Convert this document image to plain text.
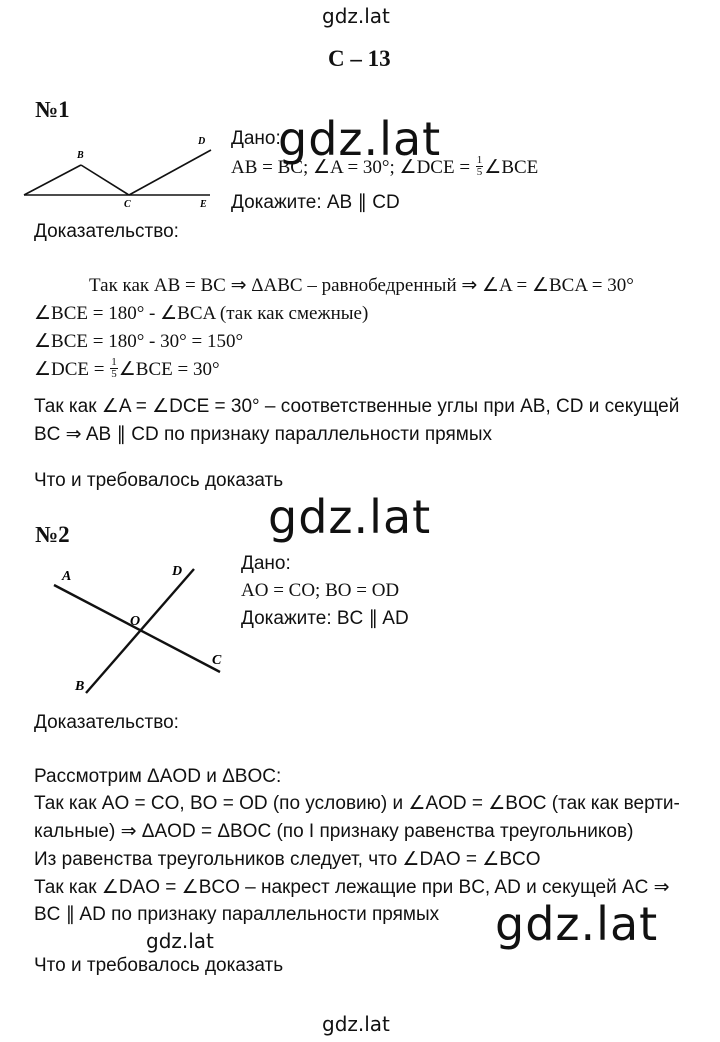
gdz.lat
gdz.lat
gdz.lat
gdz.lat
gdz.lat
gdz.lat
С – 13
№1
B
C
D
E
Дано:
AB = BC; ∠A = 30°; ∠DCE = $\frac{1}{5}$ ∠BCE
Докажите: AB ∥ CD
Доказательство:
Так как AB = BC ⇒ ΔABC – равнобедренный ⇒ ∠A = ∠BCA = 30°
∠BCE = 180° - ∠BCA (так как смежные)
∠BCE = 180° - 30° = 150°
∠DCE = $\frac{1}{5}$ ∠BCE = 30°
Так как ∠A = ∠DCE = 30° – соответственные углы при AB, CD и секущей
BC ⇒ AB ∥ CD по признаку параллельности прямых
Что и требовалось доказать
№2
A	D
O
C
B
Дано:
AO = CO; BO = OD
Докажите: BC ∥ AD
Доказательство:
Рассмотрим ΔAOD и ΔBOC:
Так как AO = CO, BO = OD (по условию) и ∠AOD = ∠BOC (так как верти-
кальные) ⇒ ΔAOD = ΔBOC (по I признаку равенства треугольников)
Из равенства треугольников следует, что ∠DAO = ∠BCO
Так как ∠DAO = ∠BCO – накрест лежащие при BC, AD и секущей AC ⇒
BC ∥ AD по признаку параллельности прямых
Что и требовалось доказать
